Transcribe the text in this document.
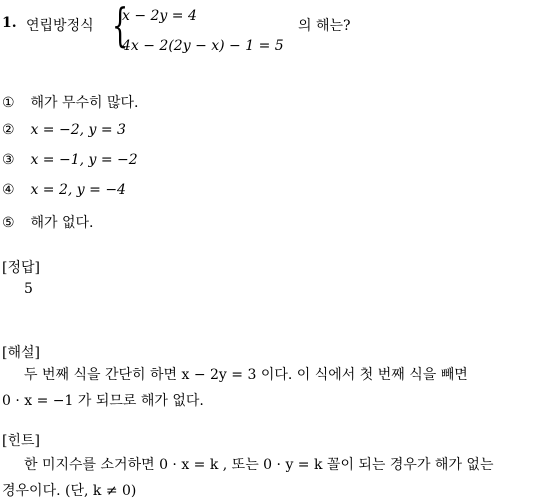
1. 연립방정식 {
x − 2y = 4
4x − 2(2y − x) − 1 = 5
의 해는?
① 해가 무수히 많다.
② x = −2, y = 3
③ x = −1, y = −2
④ x = 2, y = −4
⑤ 해가 없다.
[정답]
5
[해설]
두 번째 식을 간단히 하면 x − 2y = 3 이다. 이 식에서 첫 번째 식을 빼면
0 · x = −1 가 되므로 해가 없다.
[힌트]
한 미지수를 소거하면 0 · x = k , 또는 0 · y = k 꼴이 되는 경우가 해가 없는
경우이다. (단, k ≠ 0)
